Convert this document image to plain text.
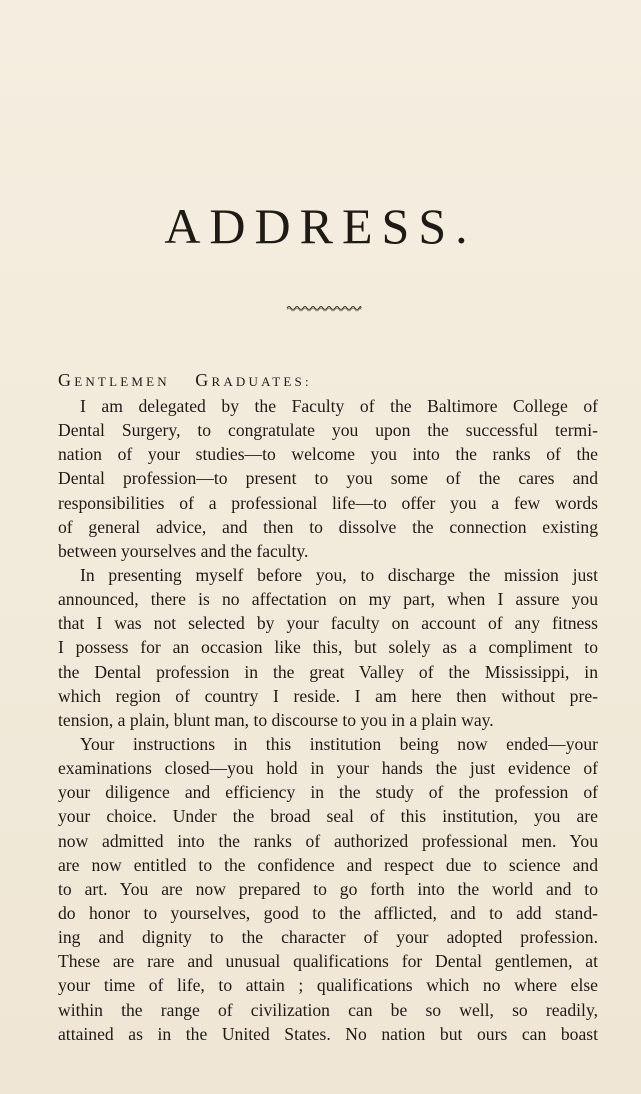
ADDRESS.
GENTLEMEN GRADUATES:
I am delegated by the Faculty of the Baltimore College of
Dental Surgery, to congratulate you upon the successful termi-
nation of your studies—to welcome you into the ranks of the
Dental profession—to present to you some of the cares and
responsibilities of a professional life—to offer you a few words
of general advice, and then to dissolve the connection existing
between yourselves and the faculty.
In presenting myself before you, to discharge the mission just
announced, there is no affectation on my part, when I assure you
that I was not selected by your faculty on account of any fitness
I possess for an occasion like this, but solely as a compliment to
the Dental profession in the great Valley of the Mississippi, in
which region of country I reside. I am here then without pre-
tension, a plain, blunt man, to discourse to you in a plain way.
Your instructions in this institution being now ended—your
examinations closed—you hold in your hands the just evidence of
your diligence and efficiency in the study of the profession of
your choice. Under the broad seal of this institution, you are
now admitted into the ranks of authorized professional men. You
are now entitled to the confidence and respect due to science and
to art. You are now prepared to go forth into the world and to
do honor to yourselves, good to the afflicted, and to add stand-
ing and dignity to the character of your adopted profession.
These are rare and unusual qualifications for Dental gentlemen, at
your time of life, to attain ; qualifications which no where else
within the range of civilization can be so well, so readily,
attained as in the United States. No nation but ours can boast
